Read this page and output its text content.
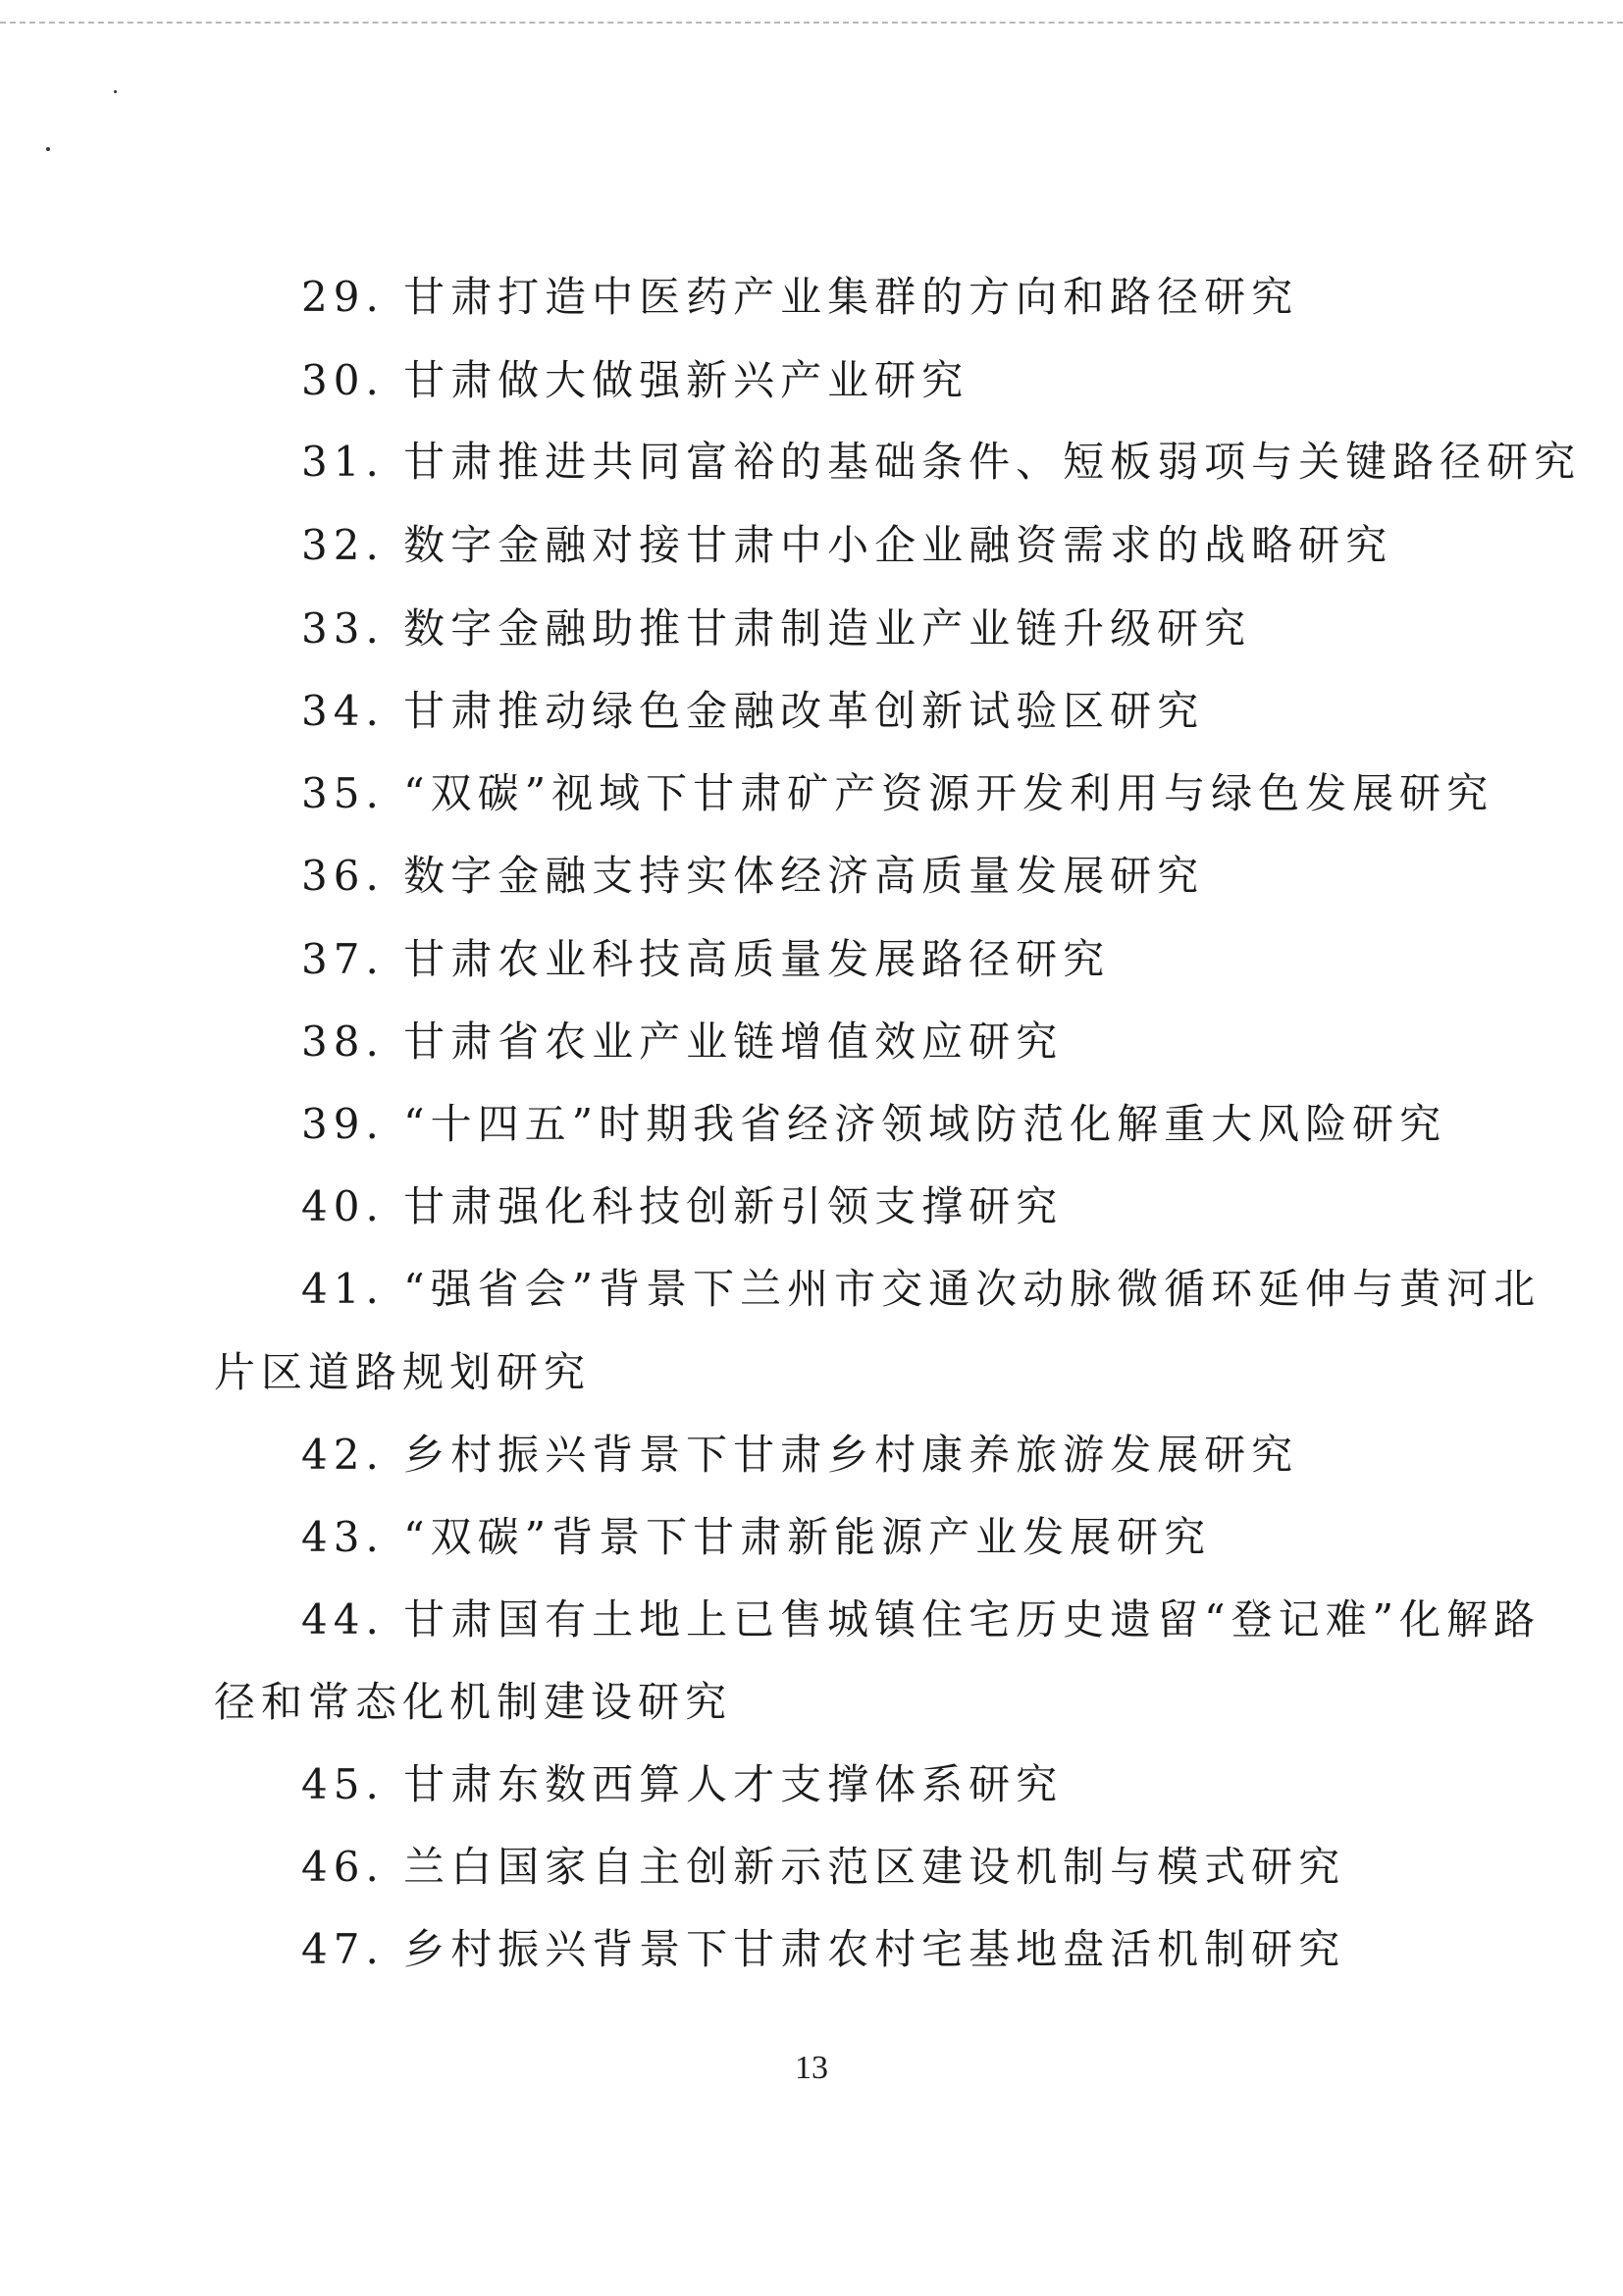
29. 甘肃打造中医药产业集群的方向和路径研究
30. 甘肃做大做强新兴产业研究
31. 甘肃推进共同富裕的基础条件、短板弱项与关键路径研究
32. 数字金融对接甘肃中小企业融资需求的战略研究
33. 数字金融助推甘肃制造业产业链升级研究
34. 甘肃推动绿色金融改革创新试验区研究
35. “双碳”视域下甘肃矿产资源开发利用与绿色发展研究
36. 数字金融支持实体经济高质量发展研究
37. 甘肃农业科技高质量发展路径研究
38. 甘肃省农业产业链增值效应研究
39. “十四五”时期我省经济领域防范化解重大风险研究
40. 甘肃强化科技创新引领支撑研究
41. “强省会”背景下兰州市交通次动脉微循环延伸与黄河北
片区道路规划研究
42. 乡村振兴背景下甘肃乡村康养旅游发展研究
43. “双碳”背景下甘肃新能源产业发展研究
44. 甘肃国有土地上已售城镇住宅历史遗留“登记难”化解路
径和常态化机制建设研究
45. 甘肃东数西算人才支撑体系研究
46. 兰白国家自主创新示范区建设机制与模式研究
47. 乡村振兴背景下甘肃农村宅基地盘活机制研究
13
